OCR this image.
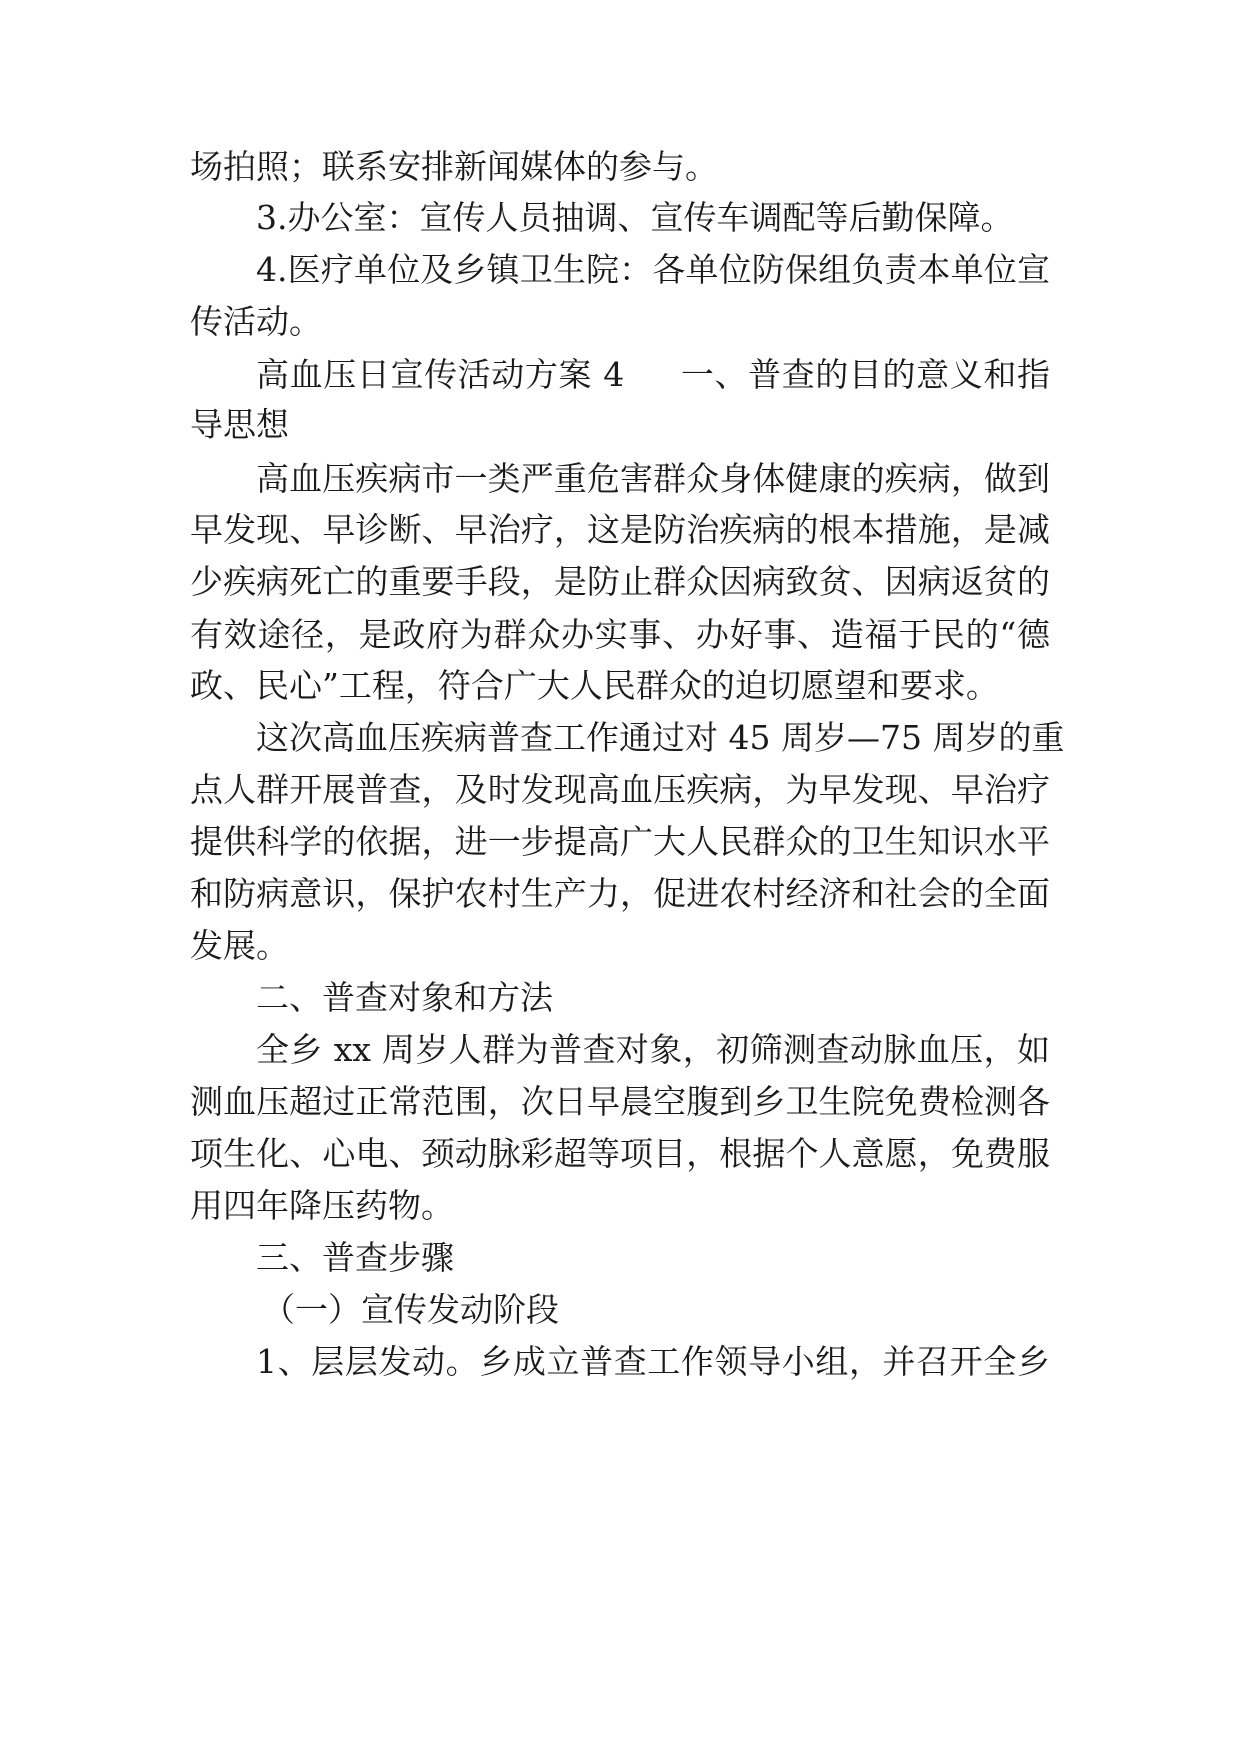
场拍照；联系安排新闻媒体的参与。
3.办公室：宣传人员抽调、宣传车调配等后勤保障。
4.医疗单位及乡镇卫生院：各单位防保组负责本单位宣
传活动。
高血压日宣传活动方案 4 一、普查的目的意义和指
导思想
高血压疾病市一类严重危害群众身体健康的疾病，做到
早发现、早诊断、早治疗，这是防治疾病的根本措施，是减
少疾病死亡的重要手段，是防止群众因病致贫、因病返贫的
有效途径，是政府为群众办实事、办好事、造福于民的“德
政、民心”工程，符合广大人民群众的迫切愿望和要求。
这次高血压疾病普查工作通过对 45 周岁—75 周岁的重
点人群开展普查，及时发现高血压疾病，为早发现、早治疗
提供科学的依据，进一步提高广大人民群众的卫生知识水平
和防病意识，保护农村生产力，促进农村经济和社会的全面
发展。
二、普查对象和方法
全乡 xx 周岁人群为普查对象，初筛测查动脉血压，如
测血压超过正常范围，次日早晨空腹到乡卫生院免费检测各
项生化、心电、颈动脉彩超等项目，根据个人意愿，免费服
用四年降压药物。
三、普查步骤
（一）宣传发动阶段
1、层层发动。乡成立普查工作领导小组，并召开全乡
